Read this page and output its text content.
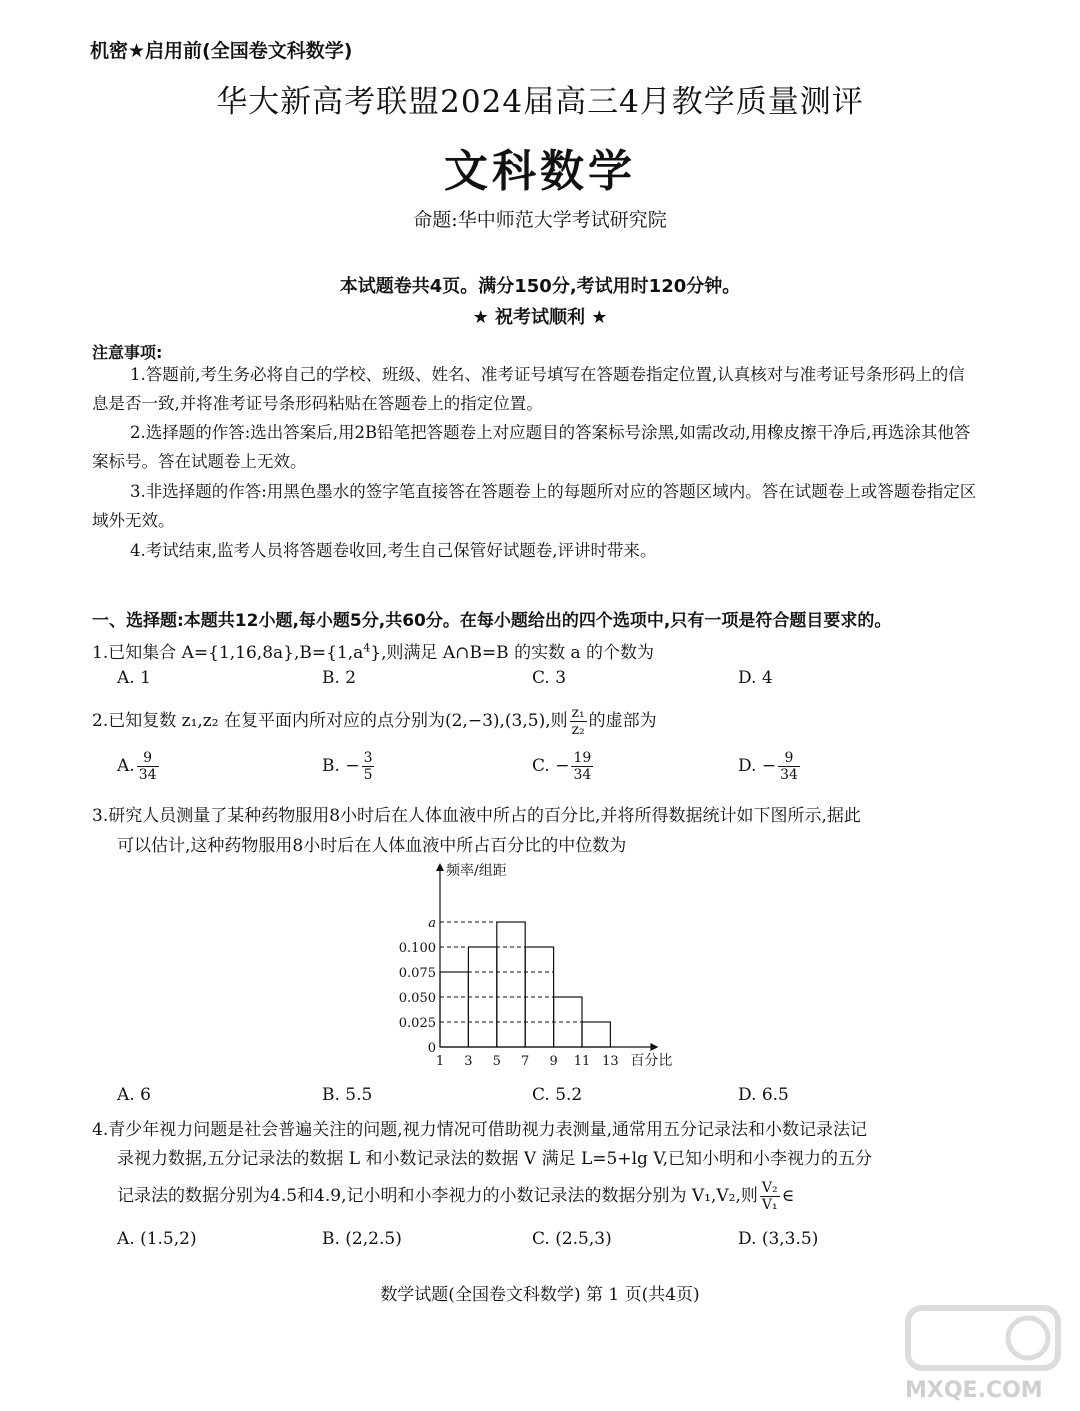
机密★启用前(全国卷文科数学)
华大新高考联盟2024届高三4月教学质量测评
文科数学
命题:华中师范大学考试研究院
本试题卷共4页。满分150分,考试用时120分钟。
★ 祝考试顺利 ★
注意事项:
1.答题前,考生务必将自己的学校、班级、姓名、准考证号填写在答题卷指定位置,认真核对与准考证号条形码上的信息是否一致,并将准考证号条形码粘贴在答题卷上的指定位置。
2.选择题的作答:选出答案后,用2B铅笔把答题卷上对应题目的答案标号涂黑,如需改动,用橡皮擦干净后,再选涂其他答案标号。答在试题卷上无效。
3.非选择题的作答:用黑色墨水的签字笔直接答在答题卷上的每题所对应的答题区域内。答在试题卷上或答题卷指定区域外无效。
4.考试结束,监考人员将答题卷收回,考生自己保管好试题卷,评讲时带来。
一、选择题:本题共12小题,每小题5分,共60分。在每小题给出的四个选项中,只有一项是符合题目要求的。
1.已知集合 $A=\{1,16,8a\},B=\{1,a^4\}$,则满足 A∩B=B 的实数 a 的个数为
A. 1	B. 2	C. 3	D. 4
2.已知复数 z₁,z₂ 在复平面内所对应的点分别为(2,−3),(3,5),则 $\frac{\text{z₁}}{\text{z₂}}$ 的虚部为
A. $\frac{9}{34}$	B. − $\frac{3}{5}$	C. − $\frac{19}{34}$	D. − $\frac{9}{34}$
3.研究人员测量了某种药物服用8小时后在人体血液中所占的百分比,并将所得数据统计如下图所示,据此
可以估计,这种药物服用8小时后在人体血液中所占百分比的中位数为
频率/组距
百分比
0
0.025
0.050
0.075
0.100
a
1 3 5 7 9 11 13
A. 6	B. 5.5	C. 5.2	D. 6.5
4.青少年视力问题是社会普遍关注的问题,视力情况可借助视力表测量,通常用五分记录法和小数记录法记
录视力数据,五分记录法的数据 L 和小数记录法的数据 V 满足 L=5+lg V,已知小明和小李视力的五分
记录法的数据分别为4.5和4.9,记小明和小李视力的小数记录法的数据分别为 V₁,V₂,则 $\frac{\text{V₂}}{\text{V₁}}$ ∈
A. (1.5,2)	B. (2,2.5)	C. (2.5,3)	D. (3,3.5)
数学试题(全国卷文科数学) 第 1 页(共4页)
MXQE.COM
